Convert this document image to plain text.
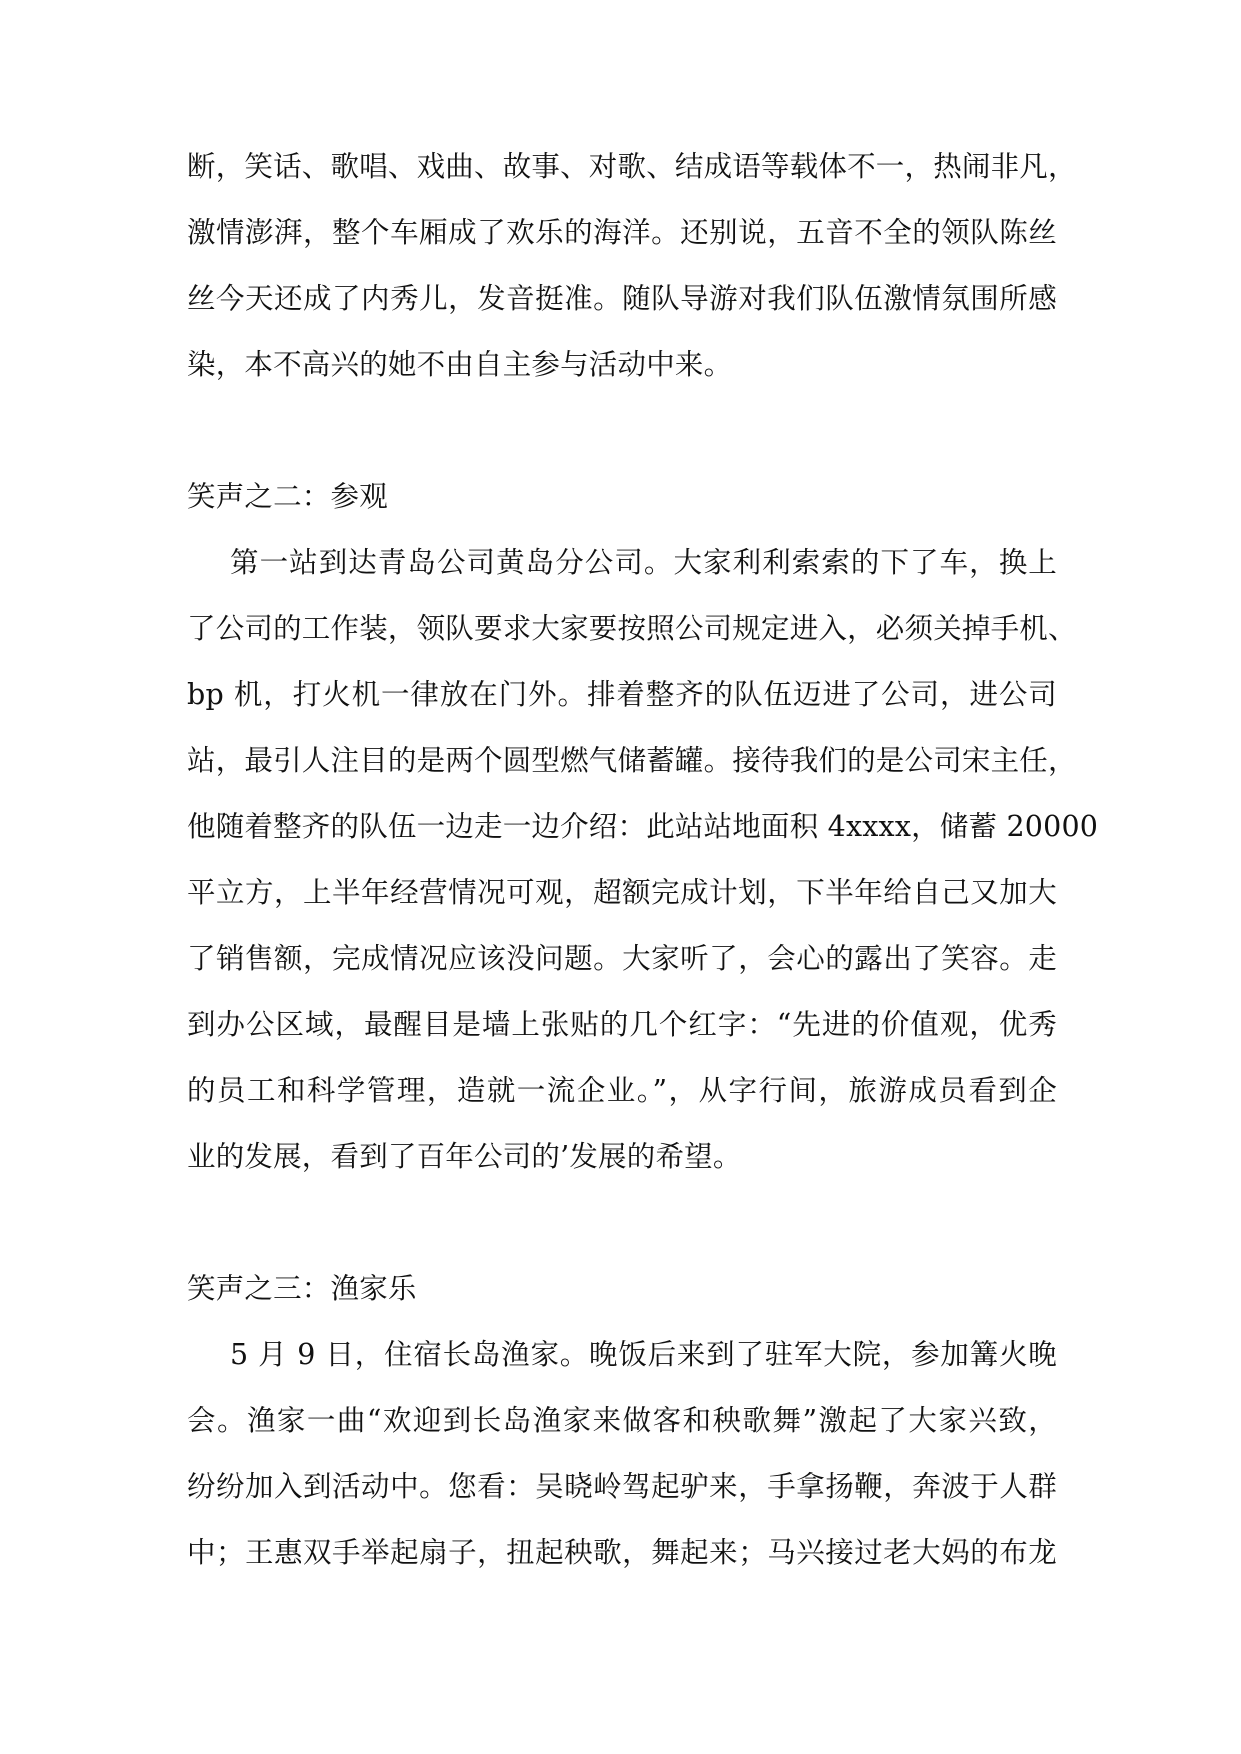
断，笑话、歌唱、戏曲、故事、对歌、结成语等载体不一，热闹非凡，
激情澎湃，整个车厢成了欢乐的海洋。还别说，五音不全的领队陈丝
丝今天还成了内秀儿，发音挺准。随队导游对我们队伍激情氛围所感
染，本不高兴的她不由自主参与活动中来。
笑声之二：参观
第一站到达青岛公司黄岛分公司。大家利利索索的下了车，换上
了公司的工作装，领队要求大家要按照公司规定进入，必须关掉手机、
bp 机，打火机一律放在门外。排着整齐的队伍迈进了公司，进公司
站，最引人注目的是两个圆型燃气储蓄罐。接待我们的是公司宋主任，
他随着整齐的队伍一边走一边介绍：此站站地面积 4xxxx，储蓄 20000
平立方，上半年经营情况可观，超额完成计划，下半年给自己又加大
了销售额，完成情况应该没问题。大家听了，会心的露出了笑容。走
到办公区域，最醒目是墙上张贴的几个红字：“先进的价值观，优秀
的员工和科学管理，造就一流企业。”，从字行间，旅游成员看到企
业的发展，看到了百年公司的’发展的希望。
笑声之三：渔家乐
5 月 9 日，住宿长岛渔家。晚饭后来到了驻军大院，参加篝火晚
会。渔家一曲“欢迎到长岛渔家来做客和秧歌舞”激起了大家兴致，
纷纷加入到活动中。您看：吴晓岭驾起驴来，手拿扬鞭，奔波于人群
中；王惠双手举起扇子，扭起秧歌，舞起来；马兴接过老大妈的布龙
